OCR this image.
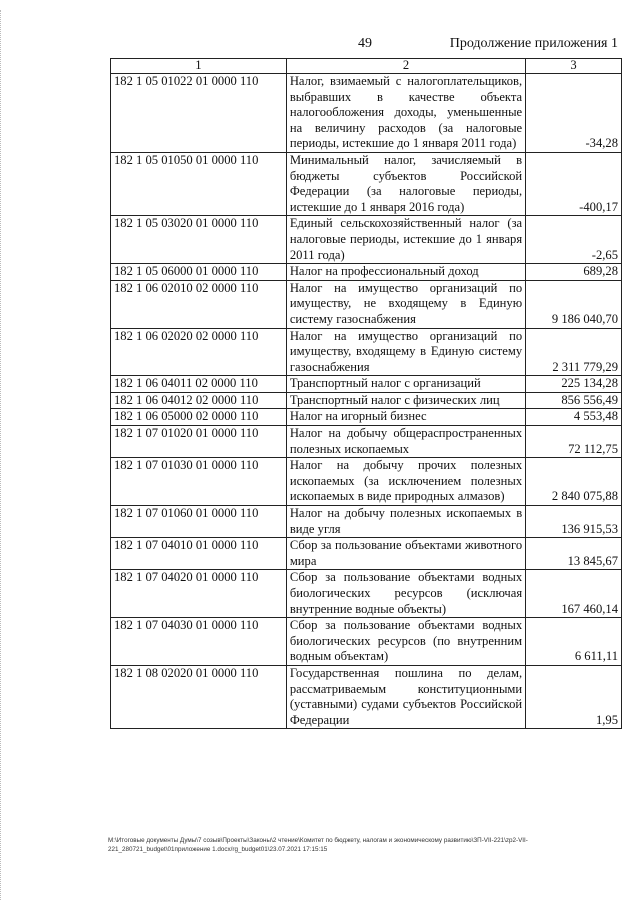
49	Продолжение приложения 1
1	2	3
182 1 05 01022 01 0000 110	Налог, взимаемый с налогоплательщиков, выбравших в качестве объекта налогообложения доходы, уменьшенные на величину расходов (за налоговые периоды, истекшие до 1 января 2011 года)	-34,28
182 1 05 01050 01 0000 110	Минимальный налог, зачисляемый в бюджеты субъектов Российской Федерации (за налоговые периоды, истекшие до 1 января 2016 года)	-400,17
182 1 05 03020 01 0000 110	Единый сельскохозяйственный налог (за налоговые периоды, истекшие до 1 января 2011 года)	-2,65
182 1 05 06000 01 0000 110	Налог на профессиональный доход	689,28
182 1 06 02010 02 0000 110	Налог на имущество организаций по имуществу, не входящему в Единую систему газоснабжения	9 186 040,70
182 1 06 02020 02 0000 110	Налог на имущество организаций по имуществу, входящему в Единую систему газоснабжения	2 311 779,29
182 1 06 04011 02 0000 110	Транспортный налог с организаций	225 134,28
182 1 06 04012 02 0000 110	Транспортный налог с физических лиц	856 556,49
182 1 06 05000 02 0000 110	Налог на игорный бизнес	4 553,48
182 1 07 01020 01 0000 110	Налог на добычу общераспространенных полезных ископаемых	72 112,75
182 1 07 01030 01 0000 110	Налог на добычу прочих полезных ископаемых (за исключением полезных ископаемых в виде природных алмазов)	2 840 075,88
182 1 07 01060 01 0000 110	Налог на добычу полезных ископаемых в виде угля	136 915,53
182 1 07 04010 01 0000 110	Сбор за пользование объектами животного мира	13 845,67
182 1 07 04020 01 0000 110	Сбор за пользование объектами водных биологических ресурсов (исключая внутренние водные объекты)	167 460,14
182 1 07 04030 01 0000 110	Сбор за пользование объектами водных биологических ресурсов (по внутренним водным объектам)	6 611,11
182 1 08 02020 01 0000 110	Государственная пошлина по делам, рассматриваемым конституционными (уставными) судами субъектов Российской Федерации	1,95
M:\Итоговые документы Думы\7 созыв\Проекты\Законы\2 чтение\Комитет по бюджету, налогам и экономическому развитию\ЗП-VII-221\zp2-VII-221_280721_budget\01приложение 1.docx/rg_budget01\23.07.2021 17:15:15
